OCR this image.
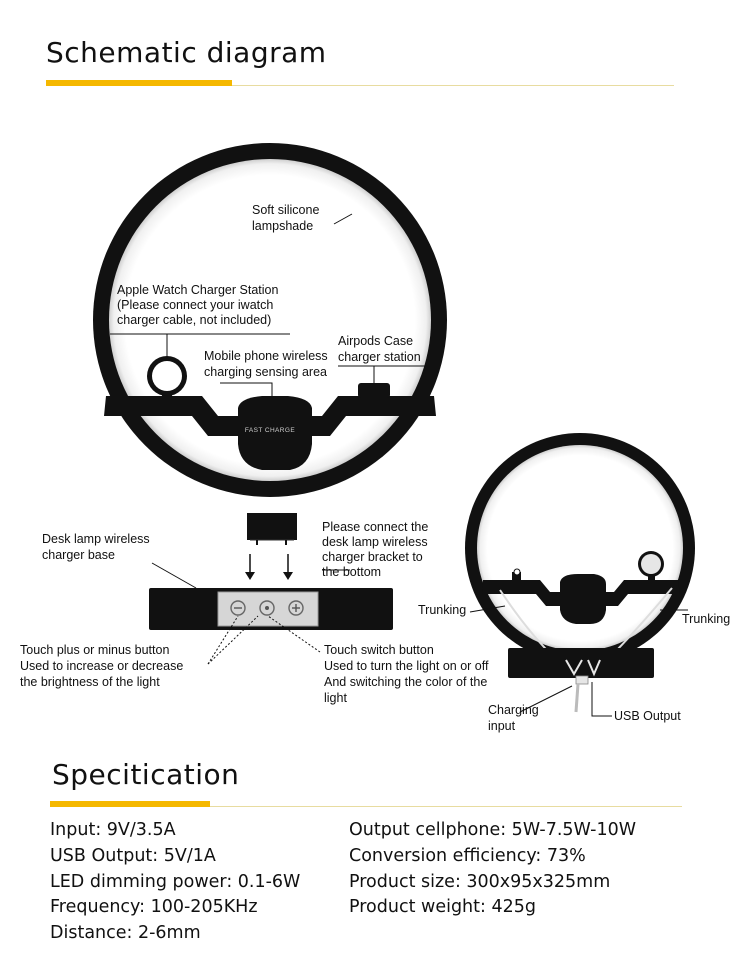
Schematic diagram
FAST CHARGE
Soft silicone
lampshade
Apple Watch Charger Station
(Please connect your iwatch
charger cable, not included)
Airpods Case
charger station
Mobile phone wireless
charging sensing area
Desk lamp wireless
charger base
Please connect the
desk lamp wireless
charger bracket to
the bottom
Touch plus or minus button
Used to increase or decrease
the brightness of the light
Touch switch button
Used to turn the light on or off
And switching the color of the
light
Trunking
Trunking
Charging
input
USB Output
Specitication
Input: 9V/3.5A
USB Output: 5V/1A
LED dimming power: 0.1-6W
Frequency: 100-205KHz
Distance: 2-6mm
Output cellphone: 5W-7.5W-10W
Conversion efficiency: 73%
Product size: 300x95x325mm
Product weight: 425g
